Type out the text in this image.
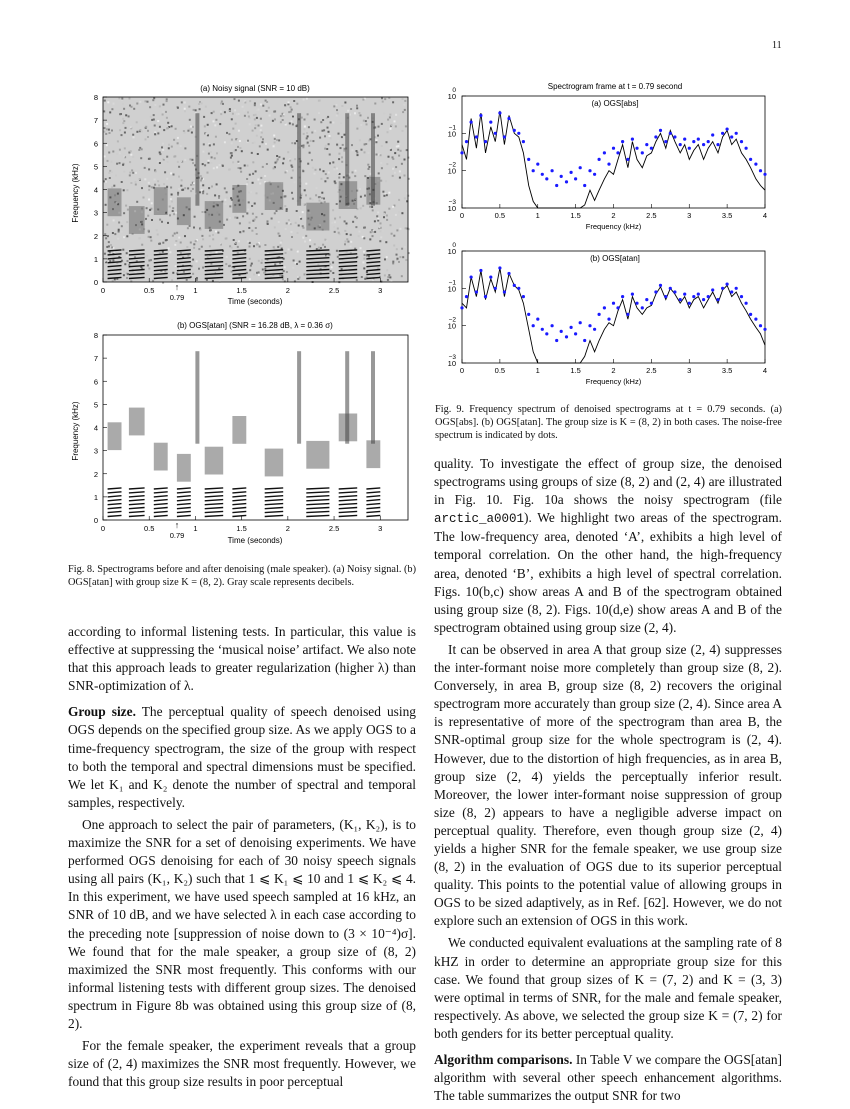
11
(a) Noisy signal (SNR = 10 dB)
0
1
2
3
4
5
6
7
8
0	0.5	1	1.5	2	2.5	3
Frequency (kHz)
Time (seconds)
↑
0.79
(b) OGS[atan] (SNR = 16.28 dB, λ = 0.36 σ)
0
1
2
3
4
5
6
7
8
0	0.5	1	1.5	2	2.5	3
Frequency (kHz)
Time (seconds)
↑
0.79
Fig. 8. Spectrograms before and after denoising (male speaker). (a) Noisy signal. (b) OGS[atan] with group size K = (8, 2). Gray scale represents decibels.
Spectrogram frame at t = 0.79 second
(a) OGS[abs]
10
0
10
−1
10
−2
10
−3
0	0.5	1	1.5	2	2.5	3	3.5	4
Frequency (kHz)
(b) OGS[atan]
10
0
10
−1
10
−2
10
−3
0	0.5	1	1.5	2	2.5	3	3.5	4
Frequency (kHz)
Fig. 9. Frequency spectrum of denoised spectrograms at t = 0.79 seconds. (a) OGS[abs]. (b) OGS[atan]. The group size is K = (8, 2) in both cases. The noise-free spectrum is indicated by dots.

according to informal listening tests. In particular, this value is effective at suppressing the ‘musical noise’ artifact. We also note that this approach leads to greater regularization (higher λ) than SNR-optimization of λ.

Group size. The perceptual quality of speech denoised using OGS depends on the specified group size. As we apply OGS to a time-frequency spectrogram, the size of the group with respect to both the temporal and spectral dimensions must be specified. We let K₁ and K₂ denote the number of spectral and temporal samples, respectively.

One approach to select the pair of parameters, (K₁, K₂), is to maximize the SNR for a set of denoising experiments. We have performed OGS denoising for each of 30 noisy speech signals using all pairs (K₁, K₂) such that 1 ⩽ K₁ ⩽ 10 and 1 ⩽ K₂ ⩽ 4. In this experiment, we have used speech sampled at 16 kHz, an SNR of 10 dB, and we have selected λ in each case according to the preceding note [suppression of noise down to (3 × 10⁻⁴)σ]. We found that for the male speaker, a group size of (8, 2) maximized the SNR most frequently. This conforms with our informal listening tests with different group sizes. The denoised spectrum in Figure 8b was obtained using this group size of (8, 2).

For the female speaker, the experiment reveals that a group size of (2, 4) maximizes the SNR most frequently. However, we found that this group size results in poor perceptual

quality. To investigate the effect of group size, the denoised spectrograms using groups of size (8, 2) and (2, 4) are illustrated in Fig. 10. Fig. 10a shows the noisy spectrogram (file arctic_a0001). We highlight two areas of the spectrogram. The low-frequency area, denoted ‘A’, exhibits a high level of temporal correlation. On the other hand, the high-frequency area, denoted ‘B’, exhibits a high level of spectral correlation. Figs. 10(b,c) show areas A and B of the spectrogram obtained using group size (8, 2). Figs. 10(d,e) show areas A and B of the spectrogram obtained using group size (2, 4).

It can be observed in area A that group size (2, 4) suppresses the inter-formant noise more completely than group size (8, 2). Conversely, in area B, group size (8, 2) recovers the original spectrogram more accurately than group size (2, 4). Since area A is representative of more of the spectrogram than area B, the SNR-optimal group size for the whole spectrogram is (2, 4). However, due to the distortion of high frequencies, as in area B, group size (2, 4) yields the perceptually inferior result. Moreover, the lower inter-formant noise suppression of group size (8, 2) appears to have a negligible adverse impact on perceptual quality. Therefore, even though group size (2, 4) yields a higher SNR for the female speaker, we use group size (8, 2) in the evaluation of OGS due to its superior perceptual quality. This points to the potential value of allowing groups in OGS to be sized adaptively, as in Ref. [62]. However, we do not explore such an extension of OGS in this work.

We conducted equivalent evaluations at the sampling rate of 8 kHZ in order to determine an appropriate group size for this case. We found that group sizes of K = (7, 2) and K = (3, 3) were optimal in terms of SNR, for the male and female speaker, respectively. As above, we selected the group size K = (7, 2) for both genders for its better perceptual quality.

Algorithm comparisons. In Table V we compare the OGS[atan] algorithm with several other speech enhancement algorithms. The table summarizes the output SNR for two
